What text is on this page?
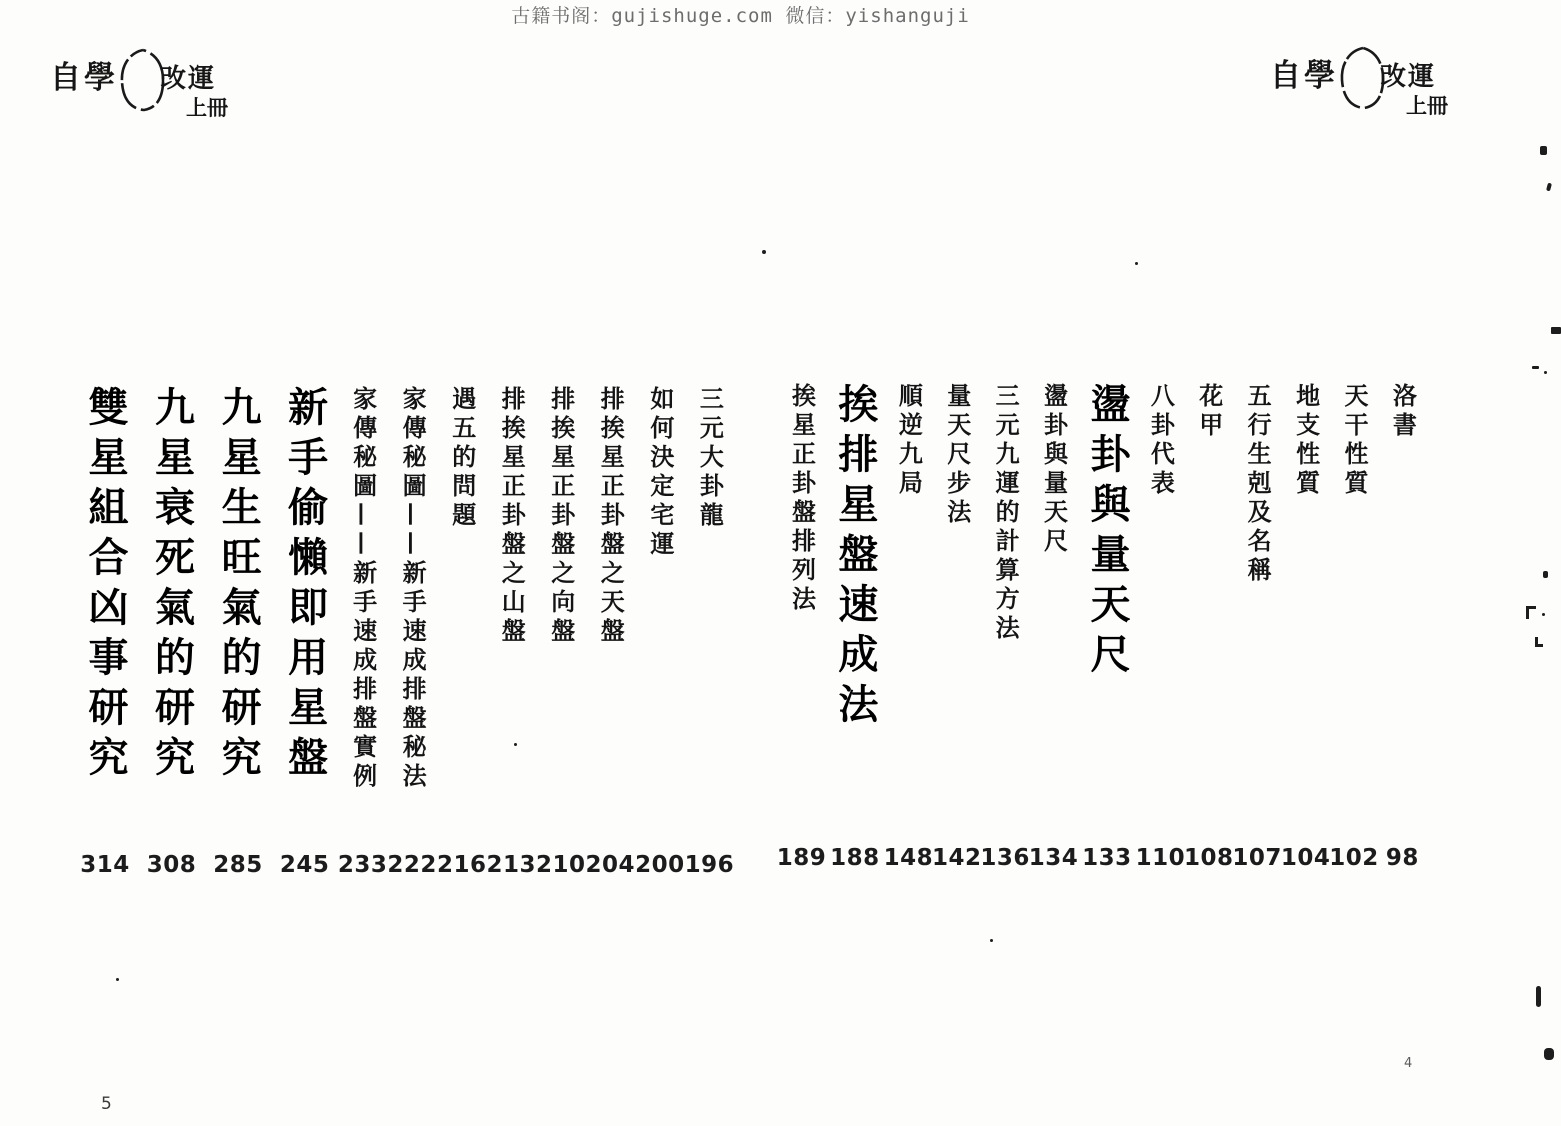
古籍书阁：gujishuge.com 微信：yishanguji
自學 改運
上冊
自學 改運
上冊
三元大卦龍
196
如何決定宅運
200
排挨星正卦盤之天盤
204
排挨星正卦盤之向盤
210
排挨星正卦盤之山盤
213
遇五的問題
216
家傳秘圖——新手速成排盤秘法
222
家傳秘圖——新手速成排盤實例
233
新手偷懶即用星盤
245
九星生旺氣的研究
285
九星衰死氣的研究
308
雙星組合凶事研究
314
洛書
98
天干性質
102
地支性質
104
五行生剋及名稱
107
花甲
108
八卦代表
110
盪卦與量天尺
133
盪卦與量天尺
134
三元九運的計算方法
136
量天尺步法
142
順逆九局
148
挨排星盤速成法
188
挨星正卦盤排列法
189
5
4
